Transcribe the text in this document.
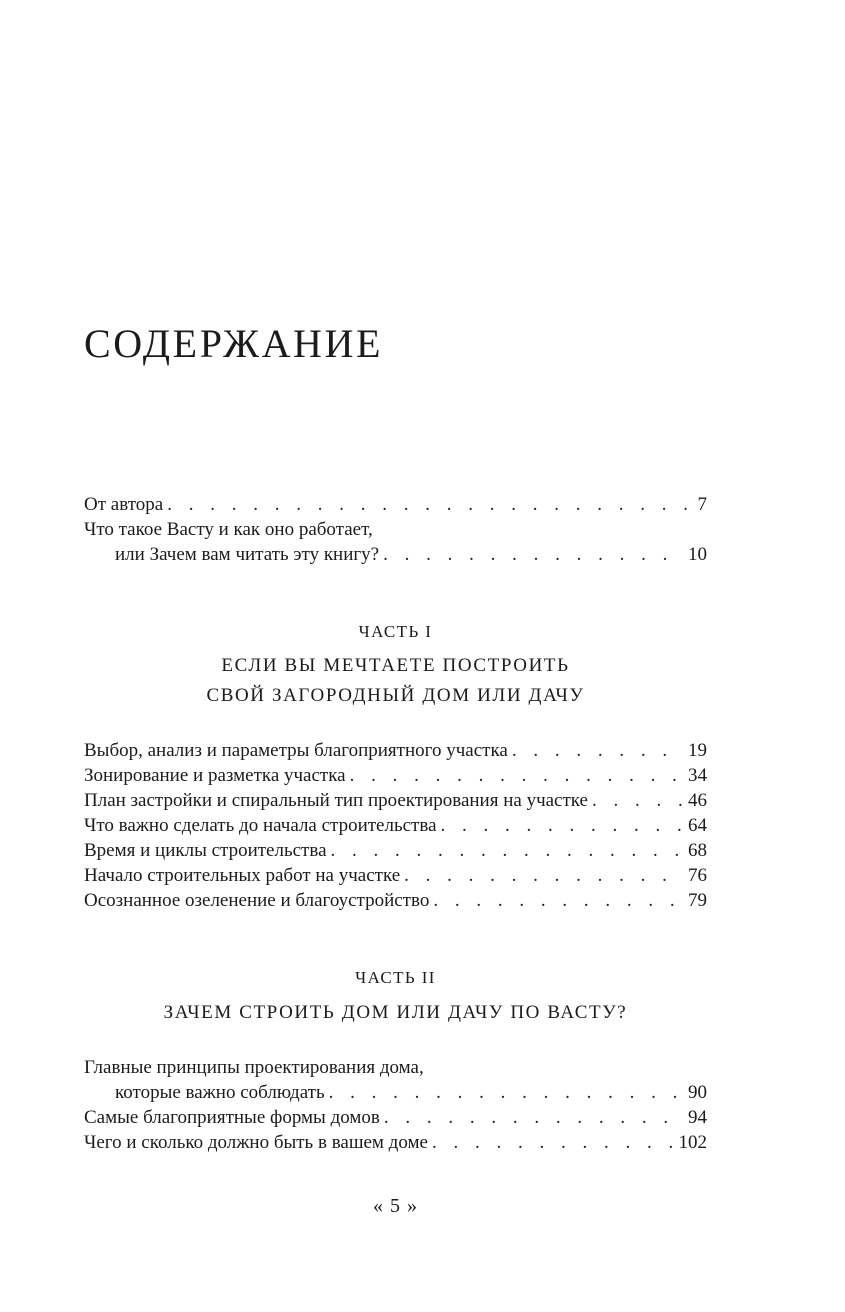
СОДЕРЖАНИЕ
От автора . . .	7
Что такое Васту и как оно работает,
или Зачем вам читать эту книгу? . . .	10
ЧАСТЬ I
ЕСЛИ ВЫ МЕЧТАЕТЕ ПОСТРОИТЬ
СВОЙ ЗАГОРОДНЫЙ ДОМ ИЛИ ДАЧУ
Выбор, анализ и параметры благоприятного участка . . .	19
Зонирование и разметка участка . . .	34
План застройки и спиральный тип проектирования на участке . . .	46
Что важно сделать до начала строительства . . .	64
Время и циклы строительства . . .	68
Начало строительных работ на участке . . .	76
Осознанное озеленение и благоустройство . . .	79
ЧАСТЬ II
ЗАЧЕМ СТРОИТЬ ДОМ ИЛИ ДАЧУ ПО ВАСТУ?
Главные принципы проектирования дома,
которые важно соблюдать . . .	90
Самые благоприятные формы домов . . .	94
Чего и сколько должно быть в вашем доме . . .	102
« 5 »
